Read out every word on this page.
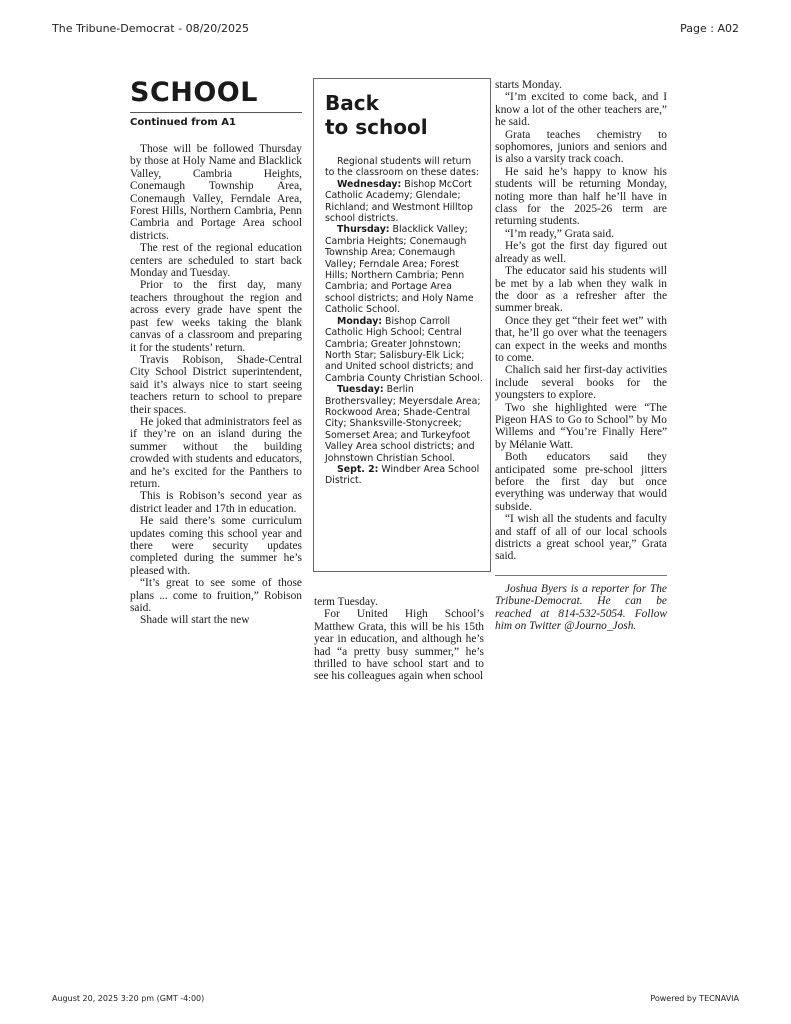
The Tribune-Democrat - 08/20/2025	Page : A02
SCHOOL
Continued from A1

Those will be followed Thursday by those at Holy Name and Blacklick Valley, Cambria Heights, Conemaugh Township Area, Conemaugh Valley, Ferndale Area, Forest Hills, Northern Cambria, Penn Cambria and Portage Area school districts.

The rest of the regional education centers are scheduled to start back Monday and Tuesday.

Prior to the first day, many teachers throughout the region and across every grade have spent the past few weeks taking the blank canvas of a classroom and preparing it for the students’ return.

Travis Robison, Shade-Central City School District superintendent, said it’s always nice to start seeing teachers return to school to prepare their spaces.

He joked that administrators feel as if they’re on an island during the summer without the building crowded with students and educators, and he’s excited for the Panthers to return.

This is Robison’s second year as district leader and 17th in education.

He said there’s some curriculum updates coming this school year and there were security updates completed during the summer he’s pleased with.

“It’s great to see some of those plans ... come to fruition,” Robison said.

Shade will start the new

Back
to school

Regional students will return to the classroom on these dates:

Wednesday: Bishop McCort Catholic Academy; Glendale; Richland; and Westmont Hilltop school districts.

Thursday: Blacklick Valley; Cambria Heights; Conemaugh Township Area; Conemaugh Valley; Ferndale Area; Forest Hills; Northern Cambria; Penn Cambria; and Portage Area school districts; and Holy Name Catholic School.

Monday: Bishop Carroll Catholic High School; Central Cambria; Greater Johnstown; North Star; Salisbury-Elk Lick; and United school districts; and Cambria County Christian School.

Tuesday: Berlin Brothersvalley; Meyersdale Area; Rockwood Area; Shade-Central City; Shanksville-Stonycreek; Somerset Area; and Turkeyfoot Valley Area school districts; and Johnstown Christian School.

Sept. 2: Windber Area School District.

term Tuesday.

For United High School’s Matthew Grata, this will be his 15th year in education, and although he’s had “a pretty busy summer,” he’s thrilled to have school start and to see his colleagues again when school

starts Monday.

“I’m excited to come back, and I know a lot of the other teachers are,” he said.

Grata teaches chemistry to sophomores, juniors and seniors and is also a varsity track coach.

He said he’s happy to know his students will be returning Monday, noting more than half he’ll have in class for the 2025-26 term are returning students.

“I’m ready,” Grata said.

He’s got the first day figured out already as well.

The educator said his students will be met by a lab when they walk in the door as a refresher after the summer break.

Once they get “their feet wet” with that, he’ll go over what the teenagers can expect in the weeks and months to come.

Chalich said her first-day activities include several books for the youngsters to explore.

Two she highlighted were “The Pigeon HAS to Go to School” by Mo Willems and “You’re Finally Here” by Mélanie Watt.

Both educators said they anticipated some pre-school jitters before the first day but once everything was underway that would subside.

“I wish all the students and faculty and staff of all of our local schools districts a great school year,” Grata said.

Joshua Byers is a reporter for The Tribune-Democrat. He can be reached at 814-532-5054. Follow him on Twitter @Journo_Josh.

August 20, 2025 3:20 pm (GMT -4:00)	Powered by TECNAVIA
